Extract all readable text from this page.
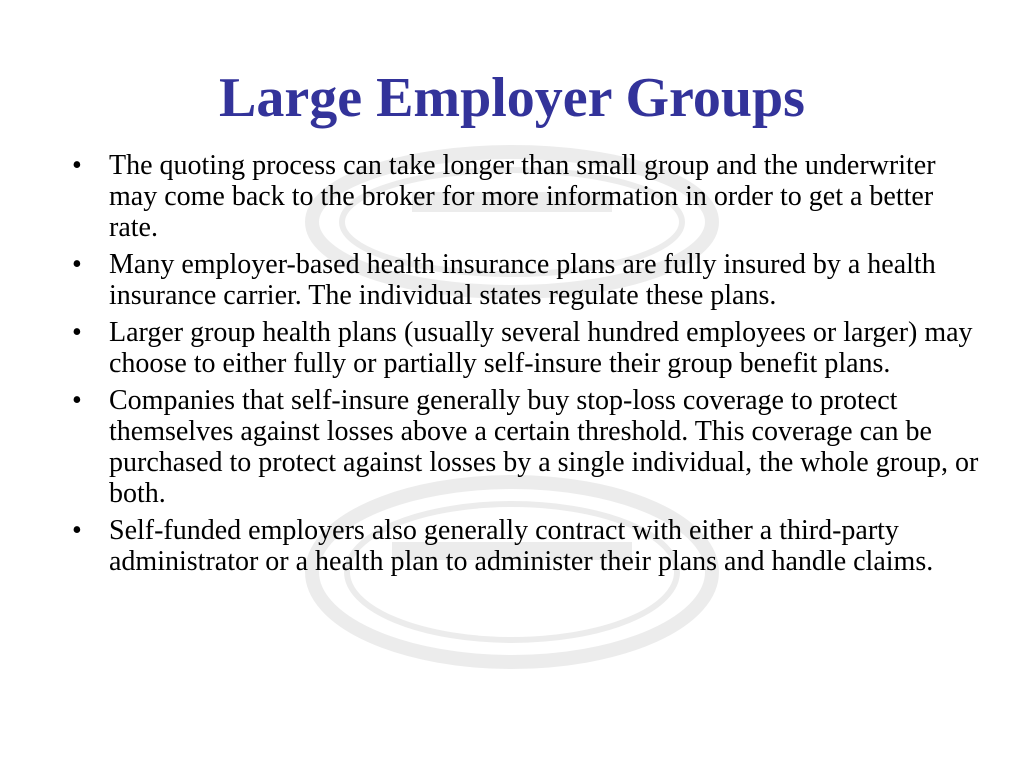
Large Employer Groups
• The quoting process can take longer than small group and the underwriter may come back to the broker for more information in order to get a better rate.
• Many employer-based health insurance plans are fully insured by a health insurance carrier. The individual states regulate these plans.
• Larger group health plans (usually several hundred employees or larger) may choose to either fully or partially self-insure their group benefit plans.
• Companies that self-insure generally buy stop-loss coverage to protect themselves against losses above a certain threshold. This coverage can be purchased to protect against losses by a single individual, the whole group, or both.
• Self-funded employers also generally contract with either a third-party administrator or a health plan to administer their plans and handle claims.
